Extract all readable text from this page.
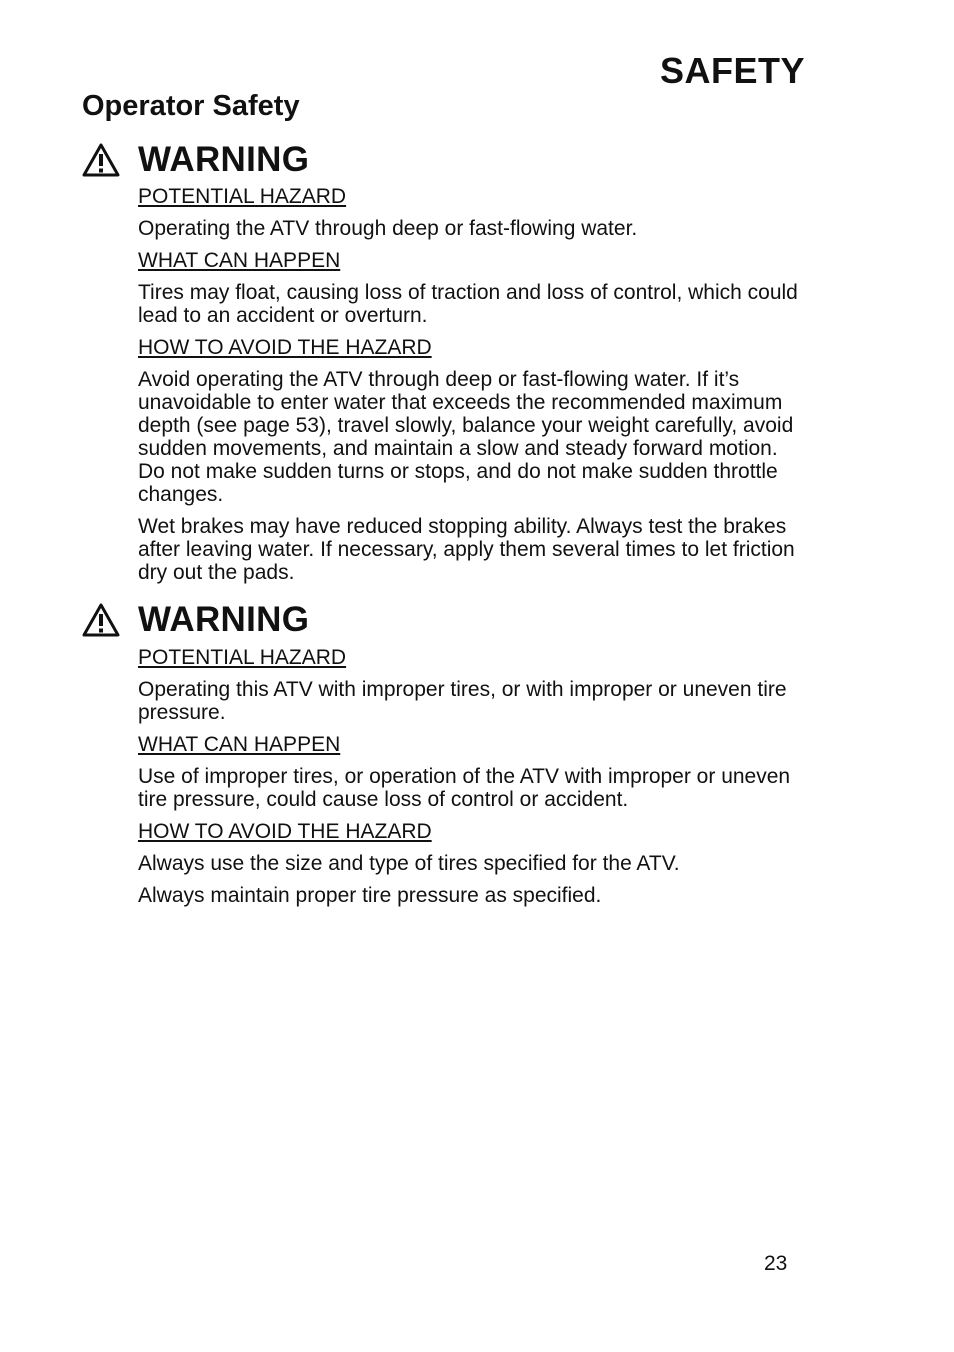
SAFETY
Operator Safety
WARNING
POTENTIAL HAZARD

Operating the ATV through deep or fast-flowing water.

WHAT CAN HAPPEN

Tires may float, causing loss of traction and loss of control, which could lead to an accident or overturn.

HOW TO AVOID THE HAZARD

Avoid operating the ATV through deep or fast-flowing water. If it’s unavoidable to enter water that exceeds the recommended maximum depth (see page 53), travel slowly, balance your weight carefully, avoid sudden movements, and maintain a slow and steady forward motion. Do not make sudden turns or stops, and do not make sudden throttle changes.

Wet brakes may have reduced stopping ability. Always test the brakes after leaving water. If necessary, apply them several times to let friction dry out the pads.

WARNING
POTENTIAL HAZARD

Operating this ATV with improper tires, or with improper or uneven tire pressure.

WHAT CAN HAPPEN

Use of improper tires, or operation of the ATV with improper or uneven tire pressure, could cause loss of control or accident.

HOW TO AVOID THE HAZARD

Always use the size and type of tires specified for the ATV.

Always maintain proper tire pressure as specified.

23
